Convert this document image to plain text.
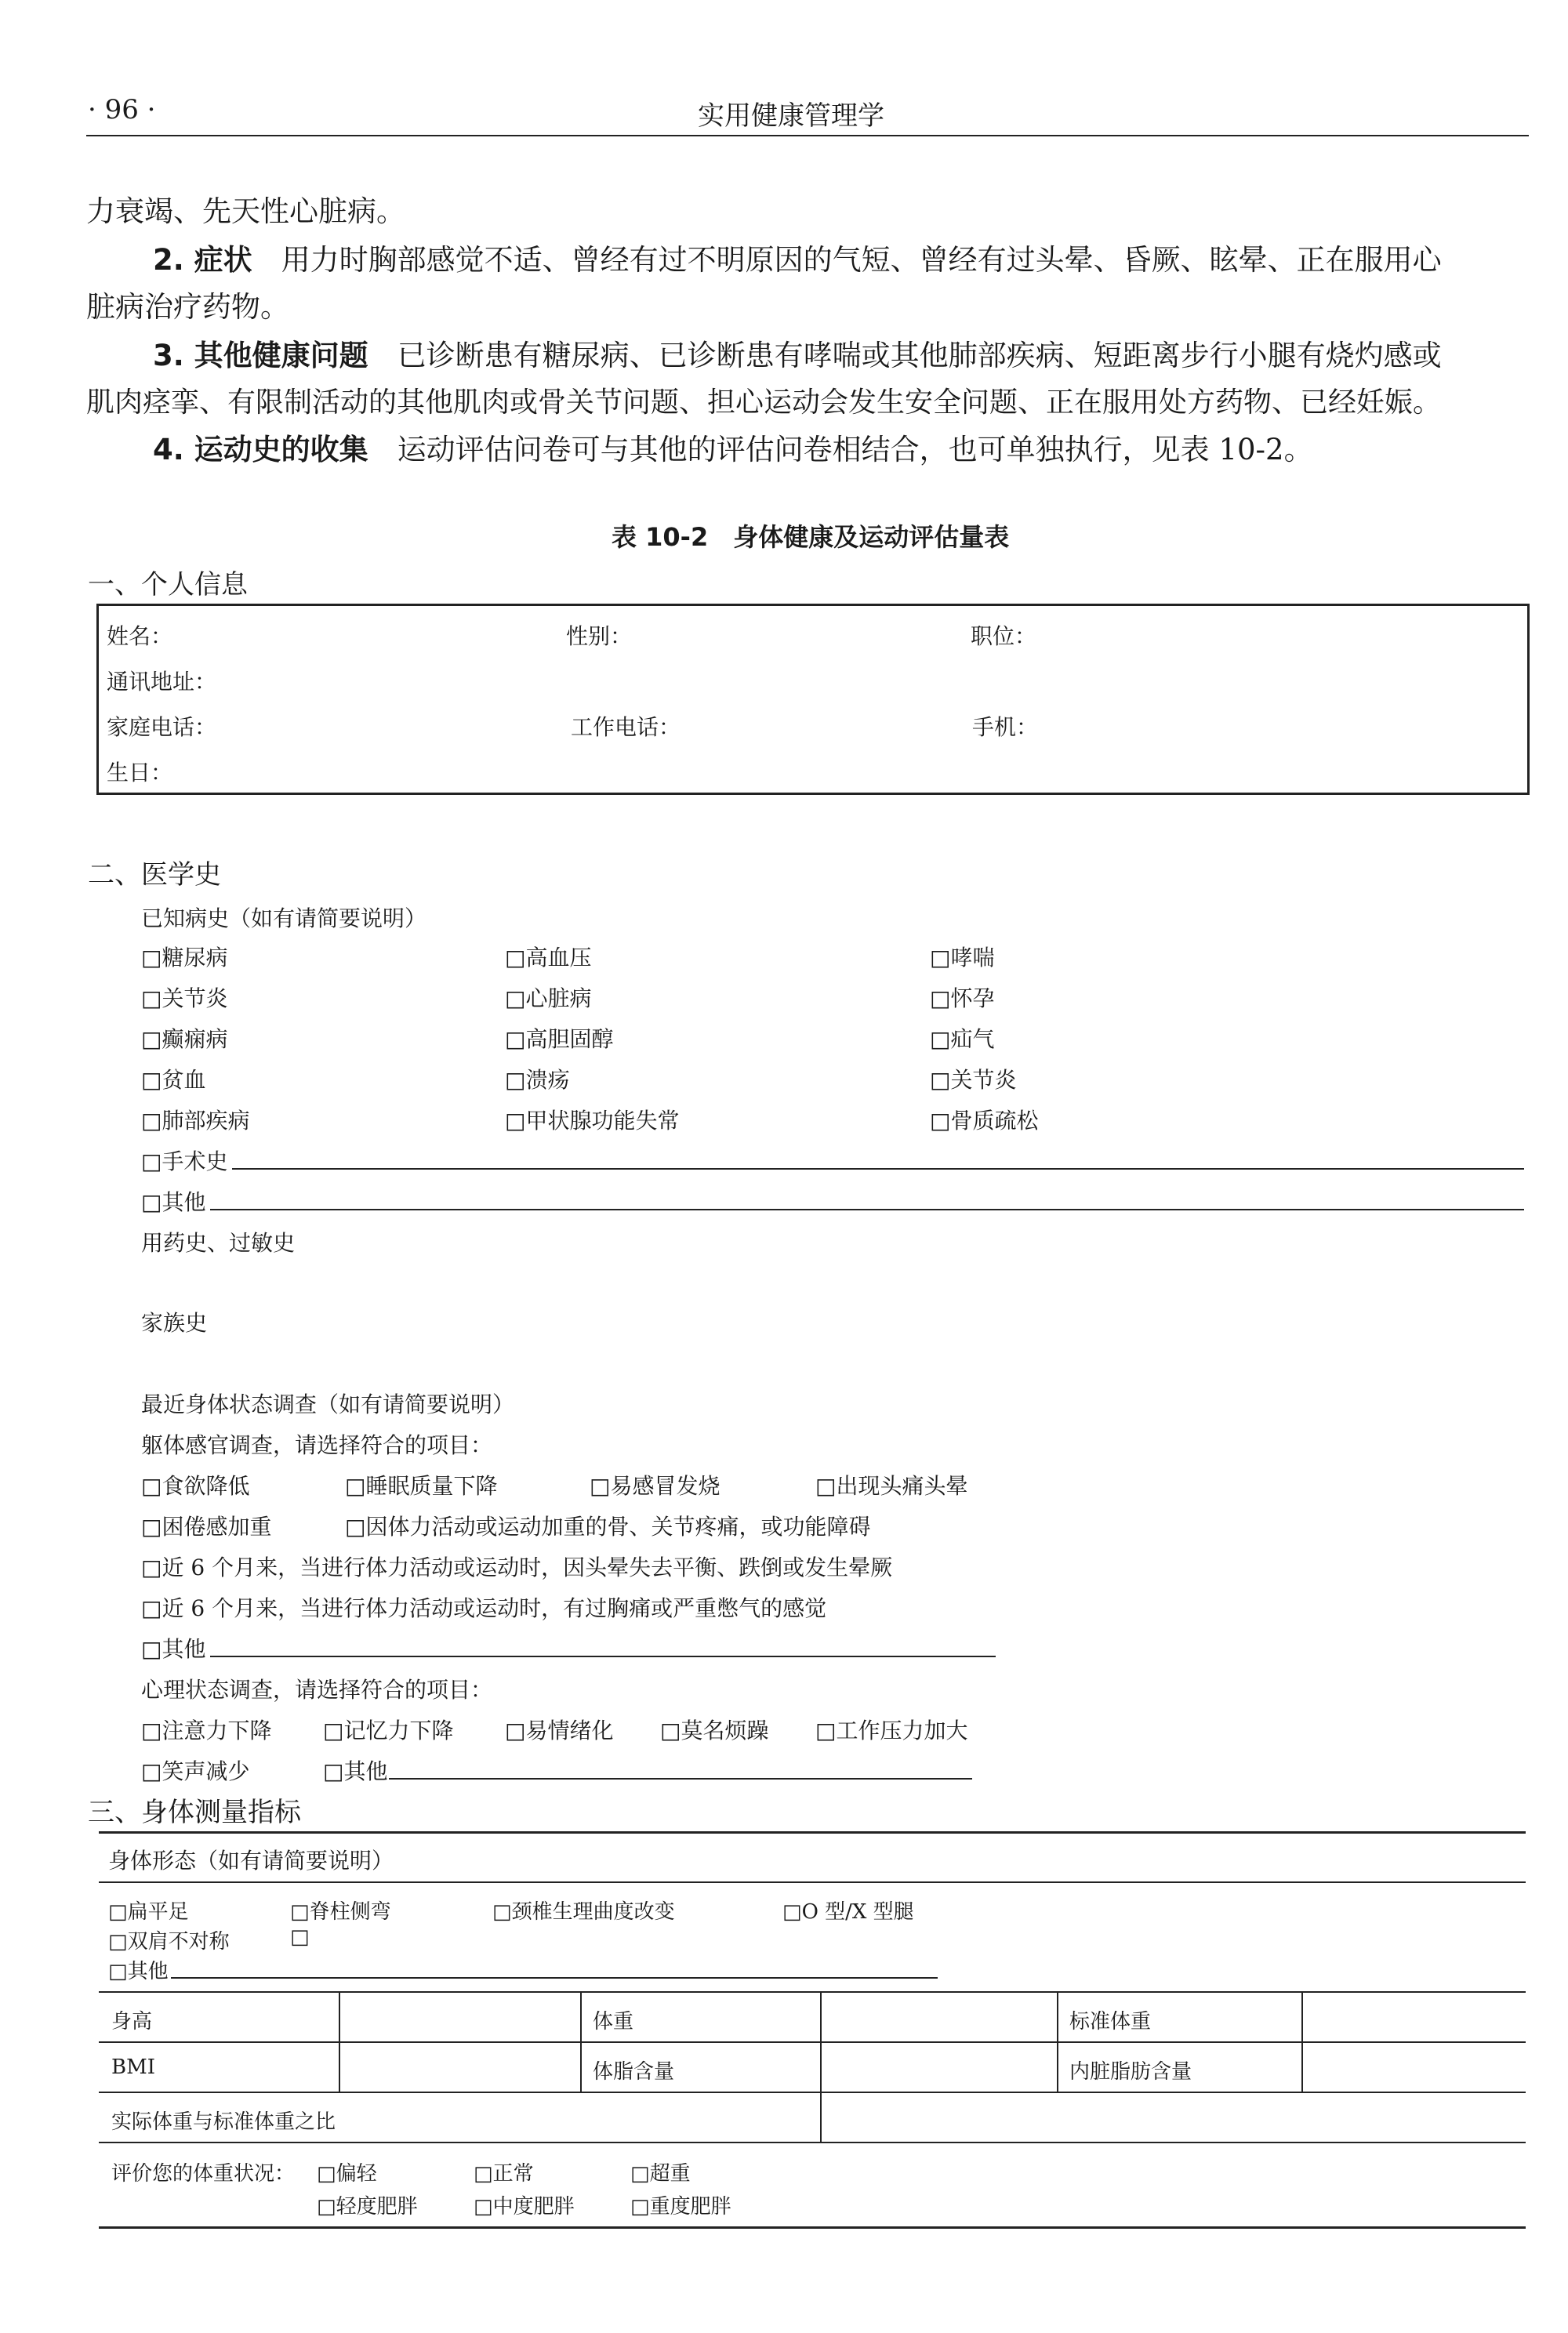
· 96 ·	实用健康管理学
力衰竭、先天性心脏病。
2. 症状　 用力时胸部感觉不适、曾经有过不明原因的气短、曾经有过头晕、昏厥、眩晕、正在服用心
脏病治疗药物。
3. 其他健康问题　 已诊断患有糖尿病、已诊断患有哮喘或其他肺部疾病、短距离步行小腿有烧灼感或
肌肉痉挛、有限制活动的其他肌肉或骨关节问题、担心运动会发生安全问题、正在服用处方药物、已经妊娠。
4. 运动史的收集　 运动评估问卷可与其他的评估问卷相结合，也可单独执行，见表 10-2。
表 10-2　身体健康及运动评估量表
一、个人信息
姓名：	性别：	职位：
通讯地址：
家庭电话：	工作电话：	手机：
生日：
二、医学史
已知病史（如有请简要说明）
□糖尿病	□高血压	□哮喘
□关节炎	□心脏病	□怀孕
□癫痫病	□高胆固醇	□疝气
□贫血	□溃疡	□关节炎
□肺部疾病	□甲状腺功能失常	□骨质疏松
□手术史
□其他
用药史、过敏史
家族史
最近身体状态调查（如有请简要说明）
躯体感官调查，请选择符合的项目：
□食欲降低	□睡眠质量下降	□易感冒发烧	□出现头痛头晕
□困倦感加重	□因体力活动或运动加重的骨、关节疼痛，或功能障碍
□近 6 个月来，当进行体力活动或运动时，因头晕失去平衡、跌倒或发生晕厥
□近 6 个月来，当进行体力活动或运动时，有过胸痛或严重憋气的感觉
□其他
心理状态调查，请选择符合的项目：
□注意力下降 □记忆力下降 □易情绪化 □莫名烦躁 □工作压力加大
□笑声减少	□其他
三、身体测量指标
身体形态（如有请简要说明）
□扁平足	□脊柱侧弯	□颈椎生理曲度改变	□O 型/X 型腿
□双肩不对称	□
□其他
身高	体重	标准体重
BMI	体脂含量	内脏脂肪含量
实际体重与标准体重之比
评价您的体重状况： □偏轻	□正常	□超重
□轻度肥胖	□中度肥胖	□重度肥胖
